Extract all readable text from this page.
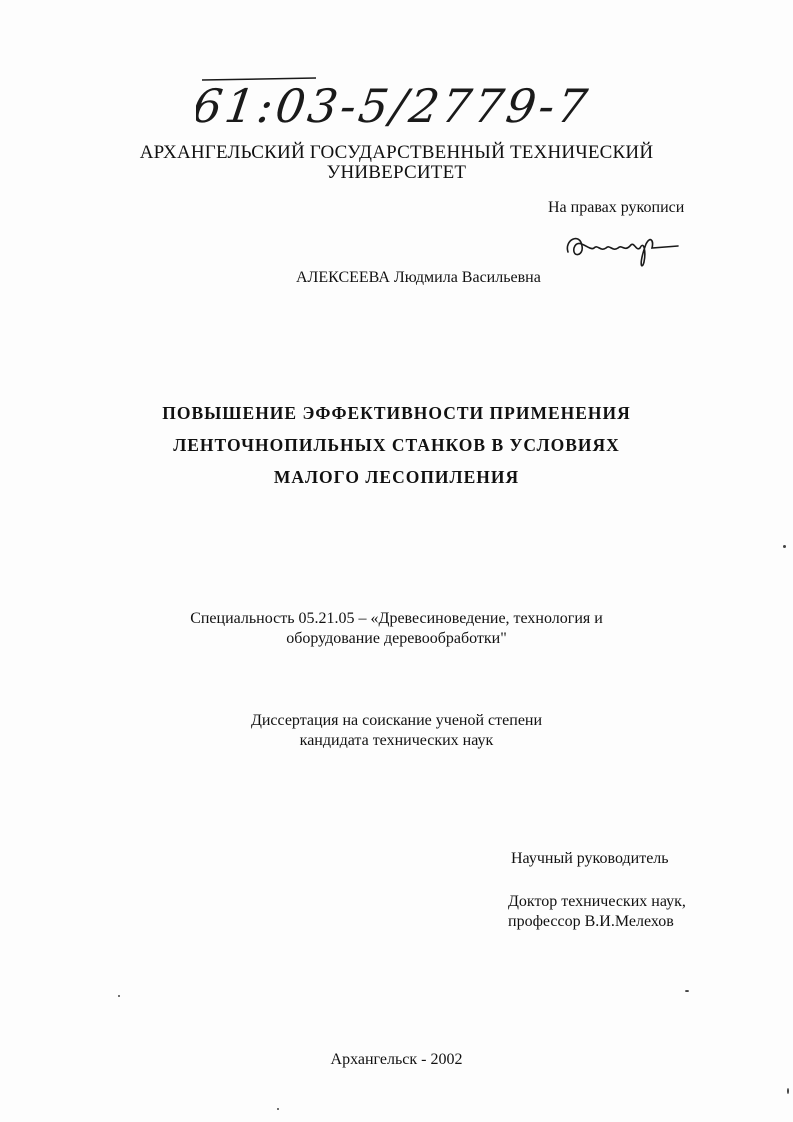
61:03-5/2779-7
АРХАНГЕЛЬСКИЙ ГОСУДАРСТВЕННЫЙ ТЕХНИЧЕСКИЙ
УНИВЕРСИТЕТ
На правах рукописи
АЛЕКСЕЕВА Людмила Васильевна
ПОВЫШЕНИЕ ЭФФЕКТИВНОСТИ ПРИМЕНЕНИЯ
ЛЕНТОЧНОПИЛЬНЫХ СТАНКОВ В УСЛОВИЯХ
МАЛОГО ЛЕСОПИЛЕНИЯ
Специальность 05.21.05 – «Древесиноведение, технология и
оборудование деревообработки"
Диссертация на соискание ученой степени
кандидата технических наук
Научный руководитель
Доктор технических наук,
профессор В.И.Мелехов
Архангельск - 2002
